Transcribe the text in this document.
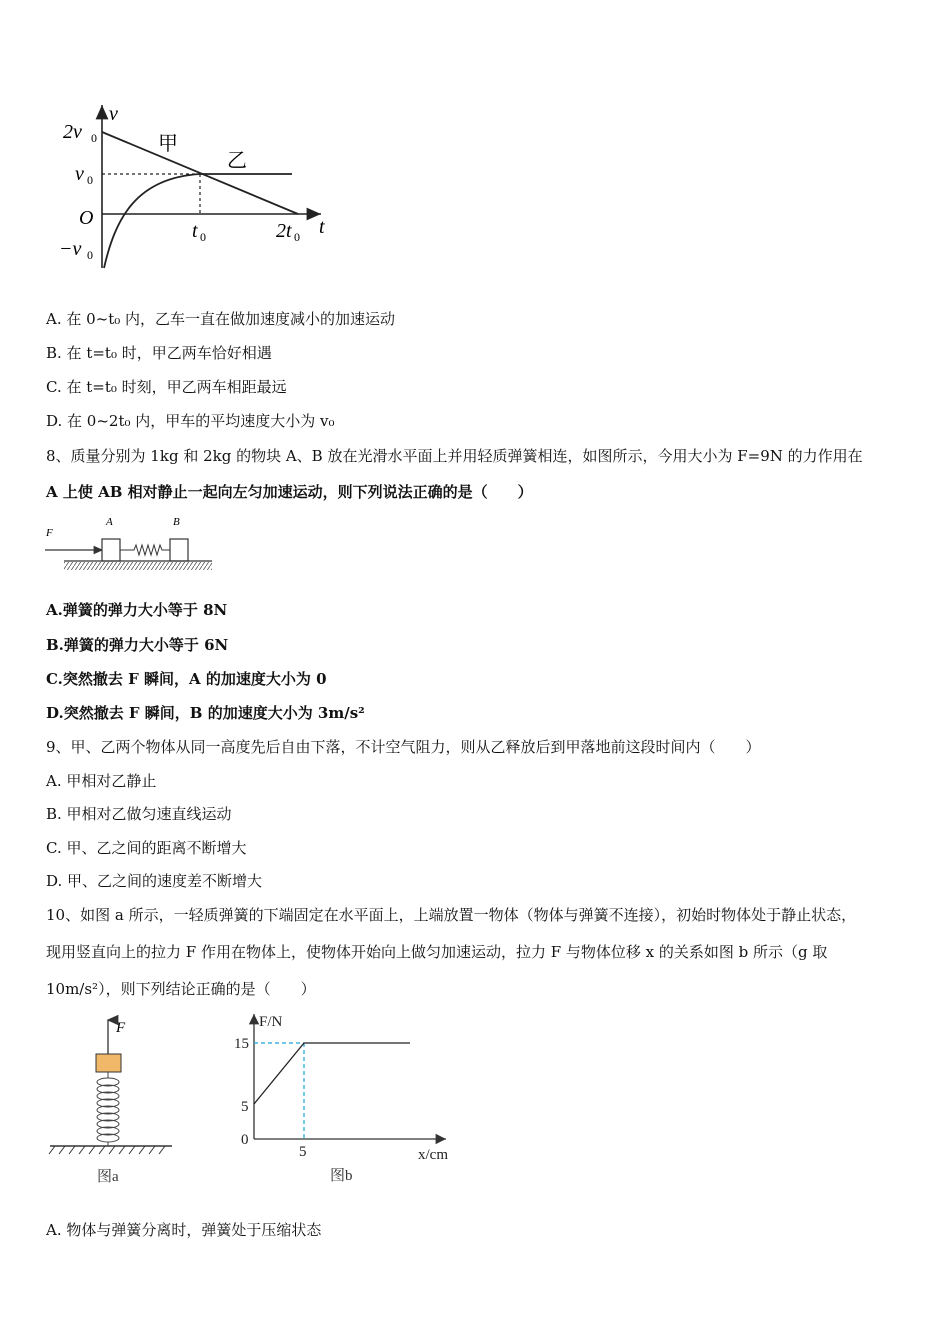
v
t
2v 0
v 0
O
−v 0
t 0	2t 0
甲
乙
A. 在 0~t₀ 内，乙车一直在做加速度减小的加速运动
B. 在 t=t₀ 时，甲乙两车恰好相遇
C. 在 t=t₀ 时刻，甲乙两车相距最远
D. 在 0~2t₀ 内，甲车的平均速度大小为 v₀
8、质量分别为 1kg 和 2kg 的物块 A、B 放在光滑水平面上并用轻质弹簧相连，如图所示，今用大小为 F=9N 的力作用在
A 上使 AB 相对静止一起向左匀加速运动，则下列说法正确的是（　　）
F
A	B
A.弹簧的弹力大小等于 8N
B.弹簧的弹力大小等于 6N
C.突然撤去 F 瞬间，A 的加速度大小为 0
D.突然撤去 F 瞬间，B 的加速度大小为 3m/s²
9、甲、乙两个物体从同一高度先后自由下落，不计空气阻力，则从乙释放后到甲落地前这段时间内（　　）
A. 甲相对乙静止
B. 甲相对乙做匀速直线运动
C. 甲、乙之间的距离不断增大
D. 甲、乙之间的速度差不断增大
10、如图 a 所示，一轻质弹簧的下端固定在水平面上，上端放置一物体（物体与弹簧不连接），初始时物体处于静止状态，
现用竖直向上的拉力 F 作用在物体上，使物体开始向上做匀加速运动，拉力 F 与物体位移 x 的关系如图 b 所示（g 取
10m/s²），则下列结论正确的是（　　）
F
图a
F/N
15
5
0
5	x/cm
图b
A. 物体与弹簧分离时，弹簧处于压缩状态
